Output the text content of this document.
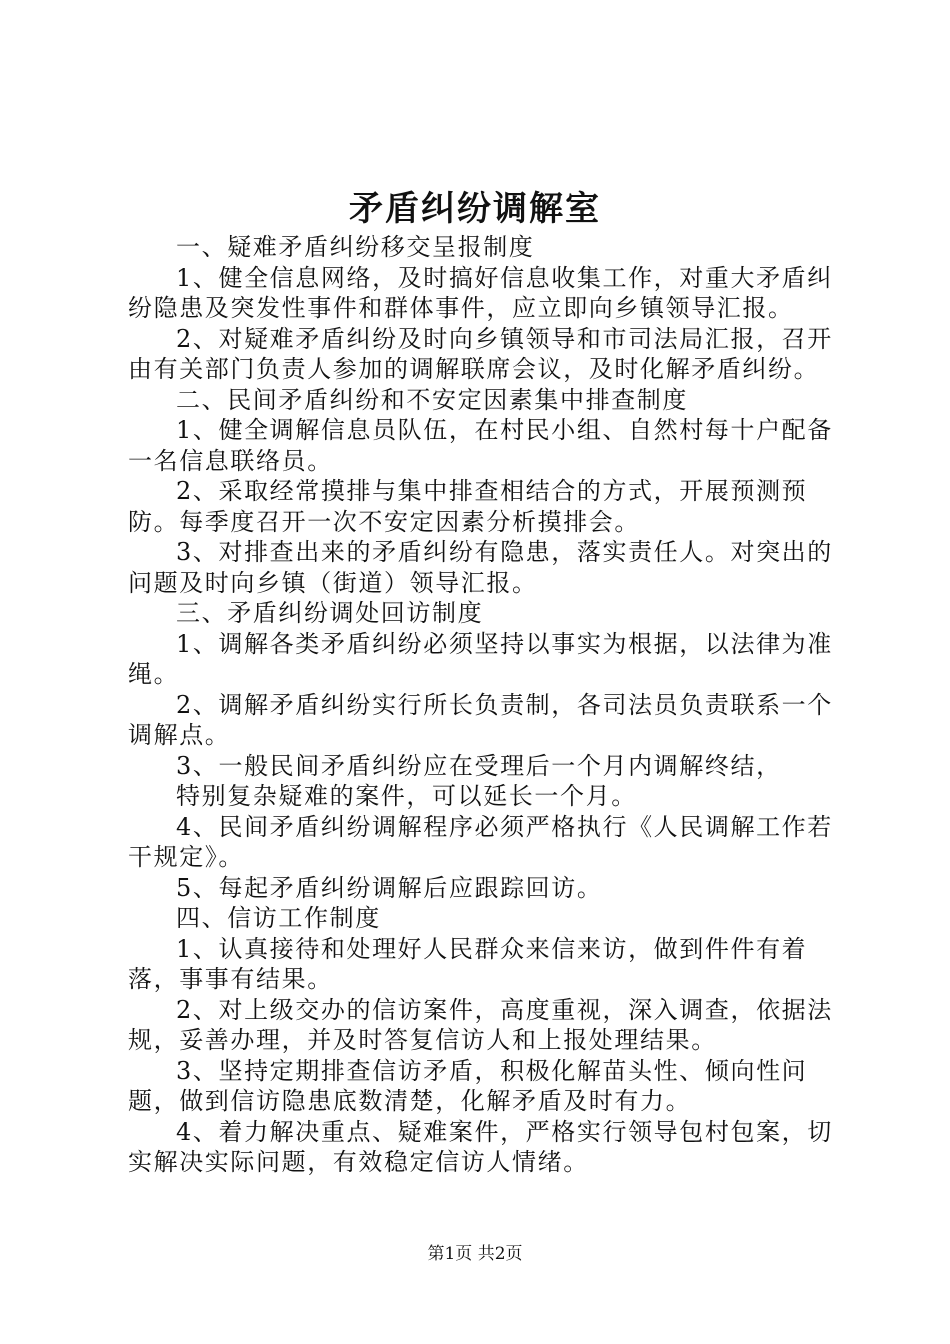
矛盾纠纷调解室

一、疑难矛盾纠纷移交呈报制度

1、健全信息网络，及时搞好信息收集工作，对重大矛盾纠纷隐患及突发性事件和群体事件，应立即向乡镇领导汇报。

2、对疑难矛盾纠纷及时向乡镇领导和市司法局汇报，召开由有关部门负责人参加的调解联席会议，及时化解矛盾纠纷。

二、民间矛盾纠纷和不安定因素集中排查制度

1、健全调解信息员队伍，在村民小组、自然村每十户配备一名信息联络员。

2、采取经常摸排与集中排查相结合的方式，开展预测预防。每季度召开一次不安定因素分析摸排会。

3、对排查出来的矛盾纠纷有隐患，落实责任人。对突出的问题及时向乡镇（街道）领导汇报。

三、矛盾纠纷调处回访制度

1、调解各类矛盾纠纷必须坚持以事实为根据，以法律为准绳。

2、调解矛盾纠纷实行所长负责制，各司法员负责联系一个调解点。

3、一般民间矛盾纠纷应在受理后一个月内调解终结，

特别复杂疑难的案件，可以延长一个月。

4、民间矛盾纠纷调解程序必须严格执行《人民调解工作若干规定》。

5、每起矛盾纠纷调解后应跟踪回访。

四、信访工作制度

1、认真接待和处理好人民群众来信来访，做到件件有着落，事事有结果。

2、对上级交办的信访案件，高度重视，深入调查，依据法规，妥善办理，并及时答复信访人和上报处理结果。

3、坚持定期排查信访矛盾，积极化解苗头性、倾向性问题，做到信访隐患底数清楚，化解矛盾及时有力。

4、着力解决重点、疑难案件，严格实行领导包村包案，切实解决实际问题，有效稳定信访人情绪。

第1页 共2页
